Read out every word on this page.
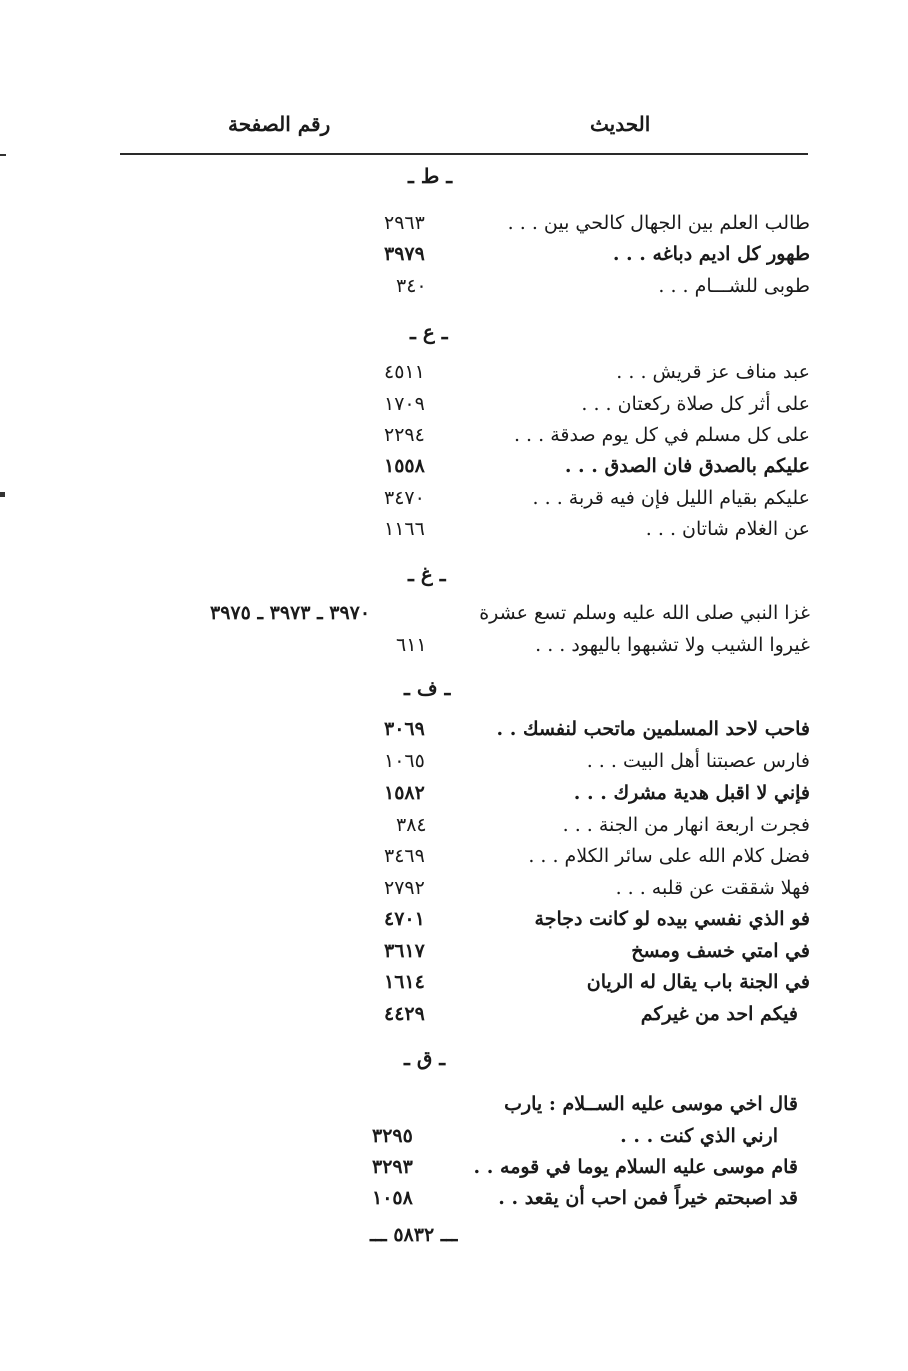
الحديث
رقم الصفحة
ـ ط ـ
طالب العلم بين الجهال كالحي بين . . .
٢٩٦٣
طهور كل اديم دباغه . . .
٣٩٧٩
طوبى للشـــام . . .
٣٤٠
ـ ع ـ
عبد مناف عز قريش . . .
٤٥١١
على أثر كل صلاة ركعتان . . .
١٧٠٩
على كل مسلم في كل يوم صدقة . . .
٢٢٩٤
عليكم بالصدق فان الصدق . . .
١٥٥٨
عليكم بقيام الليل فإن فيه قربة . . .
٣٤٧٠
عن الغلام شاتان . . .
١١٦٦
ـ غ ـ
غزا النبي صلى الله عليه وسلم تسع عشرة
٣٩٧٠ ـ ٣٩٧٣ ـ ٣٩٧٥
غيروا الشيب ولا تشبهوا باليهود . . .
٦١١
ـ ف ـ
فاحب لاحد المسلمين ماتحب لنفسك . .
٣٠٦٩
فارس عصبتنا أهل البيت . . .
١٠٦٥
فإني لا اقبل هدية مشرك . . .
١٥٨٢
فجرت اربعة انهار من الجنة . . .
٣٨٤
فضل كلام الله على سائر الكلام . . .
٣٤٦٩
فهلا شققت عن قلبه . . .
٢٧٩٢
فو الذي نفسي بيده لو كانت دجاجة
٤٧٠١
في امتي خسف ومسخ
٣٦١٧
في الجنة باب يقال له الريان
١٦١٤
فيكم احد من غيركم
٤٤٢٩
ـ ق ـ
قال اخي موسى عليه الســلام : يارب
ارني الذي كنت . . .
٣٢٩٥
قام موسى عليه السلام يوما في قومه . .
٣٢٩٣
قد اصبحتم خيراً فمن احب أن يقعد . .
١٠٥٨
ـــ ٥٨٣٢ ـــ
